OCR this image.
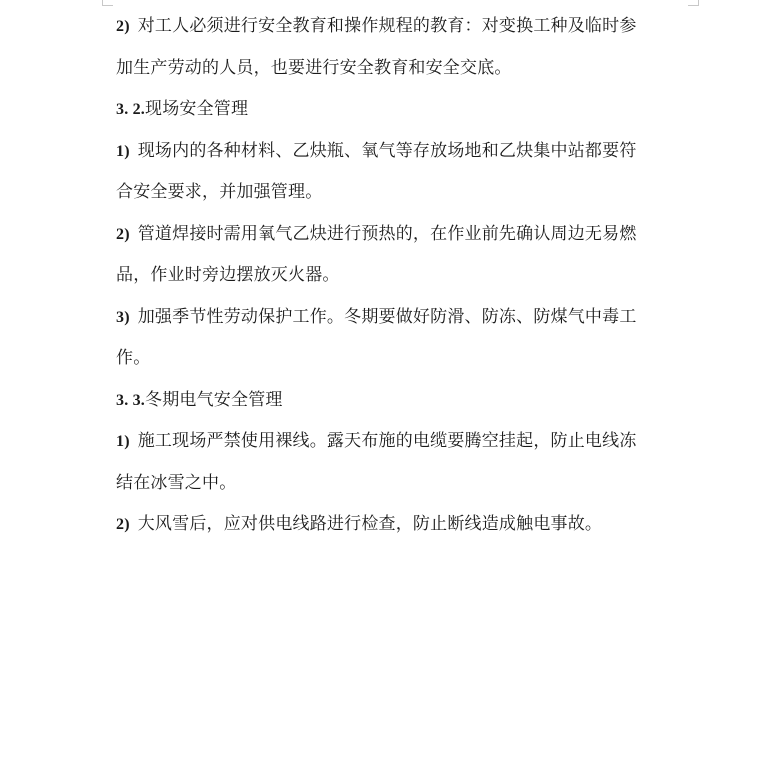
2) 对工人必须进行安全教育和操作规程的教育：对变换工种及临时参
加生产劳动的人员，也要进行安全教育和安全交底。
3. 2.现场安全管理
1) 现场内的各种材料、乙炔瓶、氧气等存放场地和乙炔集中站都要符
合安全要求，并加强管理。
2) 管道焊接时需用氧气乙炔进行预热的，在作业前先确认周边无易燃
品，作业时旁边摆放灭火器。
3) 加强季节性劳动保护工作。冬期要做好防滑、防冻、防煤气中毒工
作。
3. 3.冬期电气安全管理
1) 施工现场严禁使用裸线。露天布施的电缆要腾空挂起，防止电线冻
结在冰雪之中。
2) 大风雪后，应对供电线路进行检查，防止断线造成触电事故。
